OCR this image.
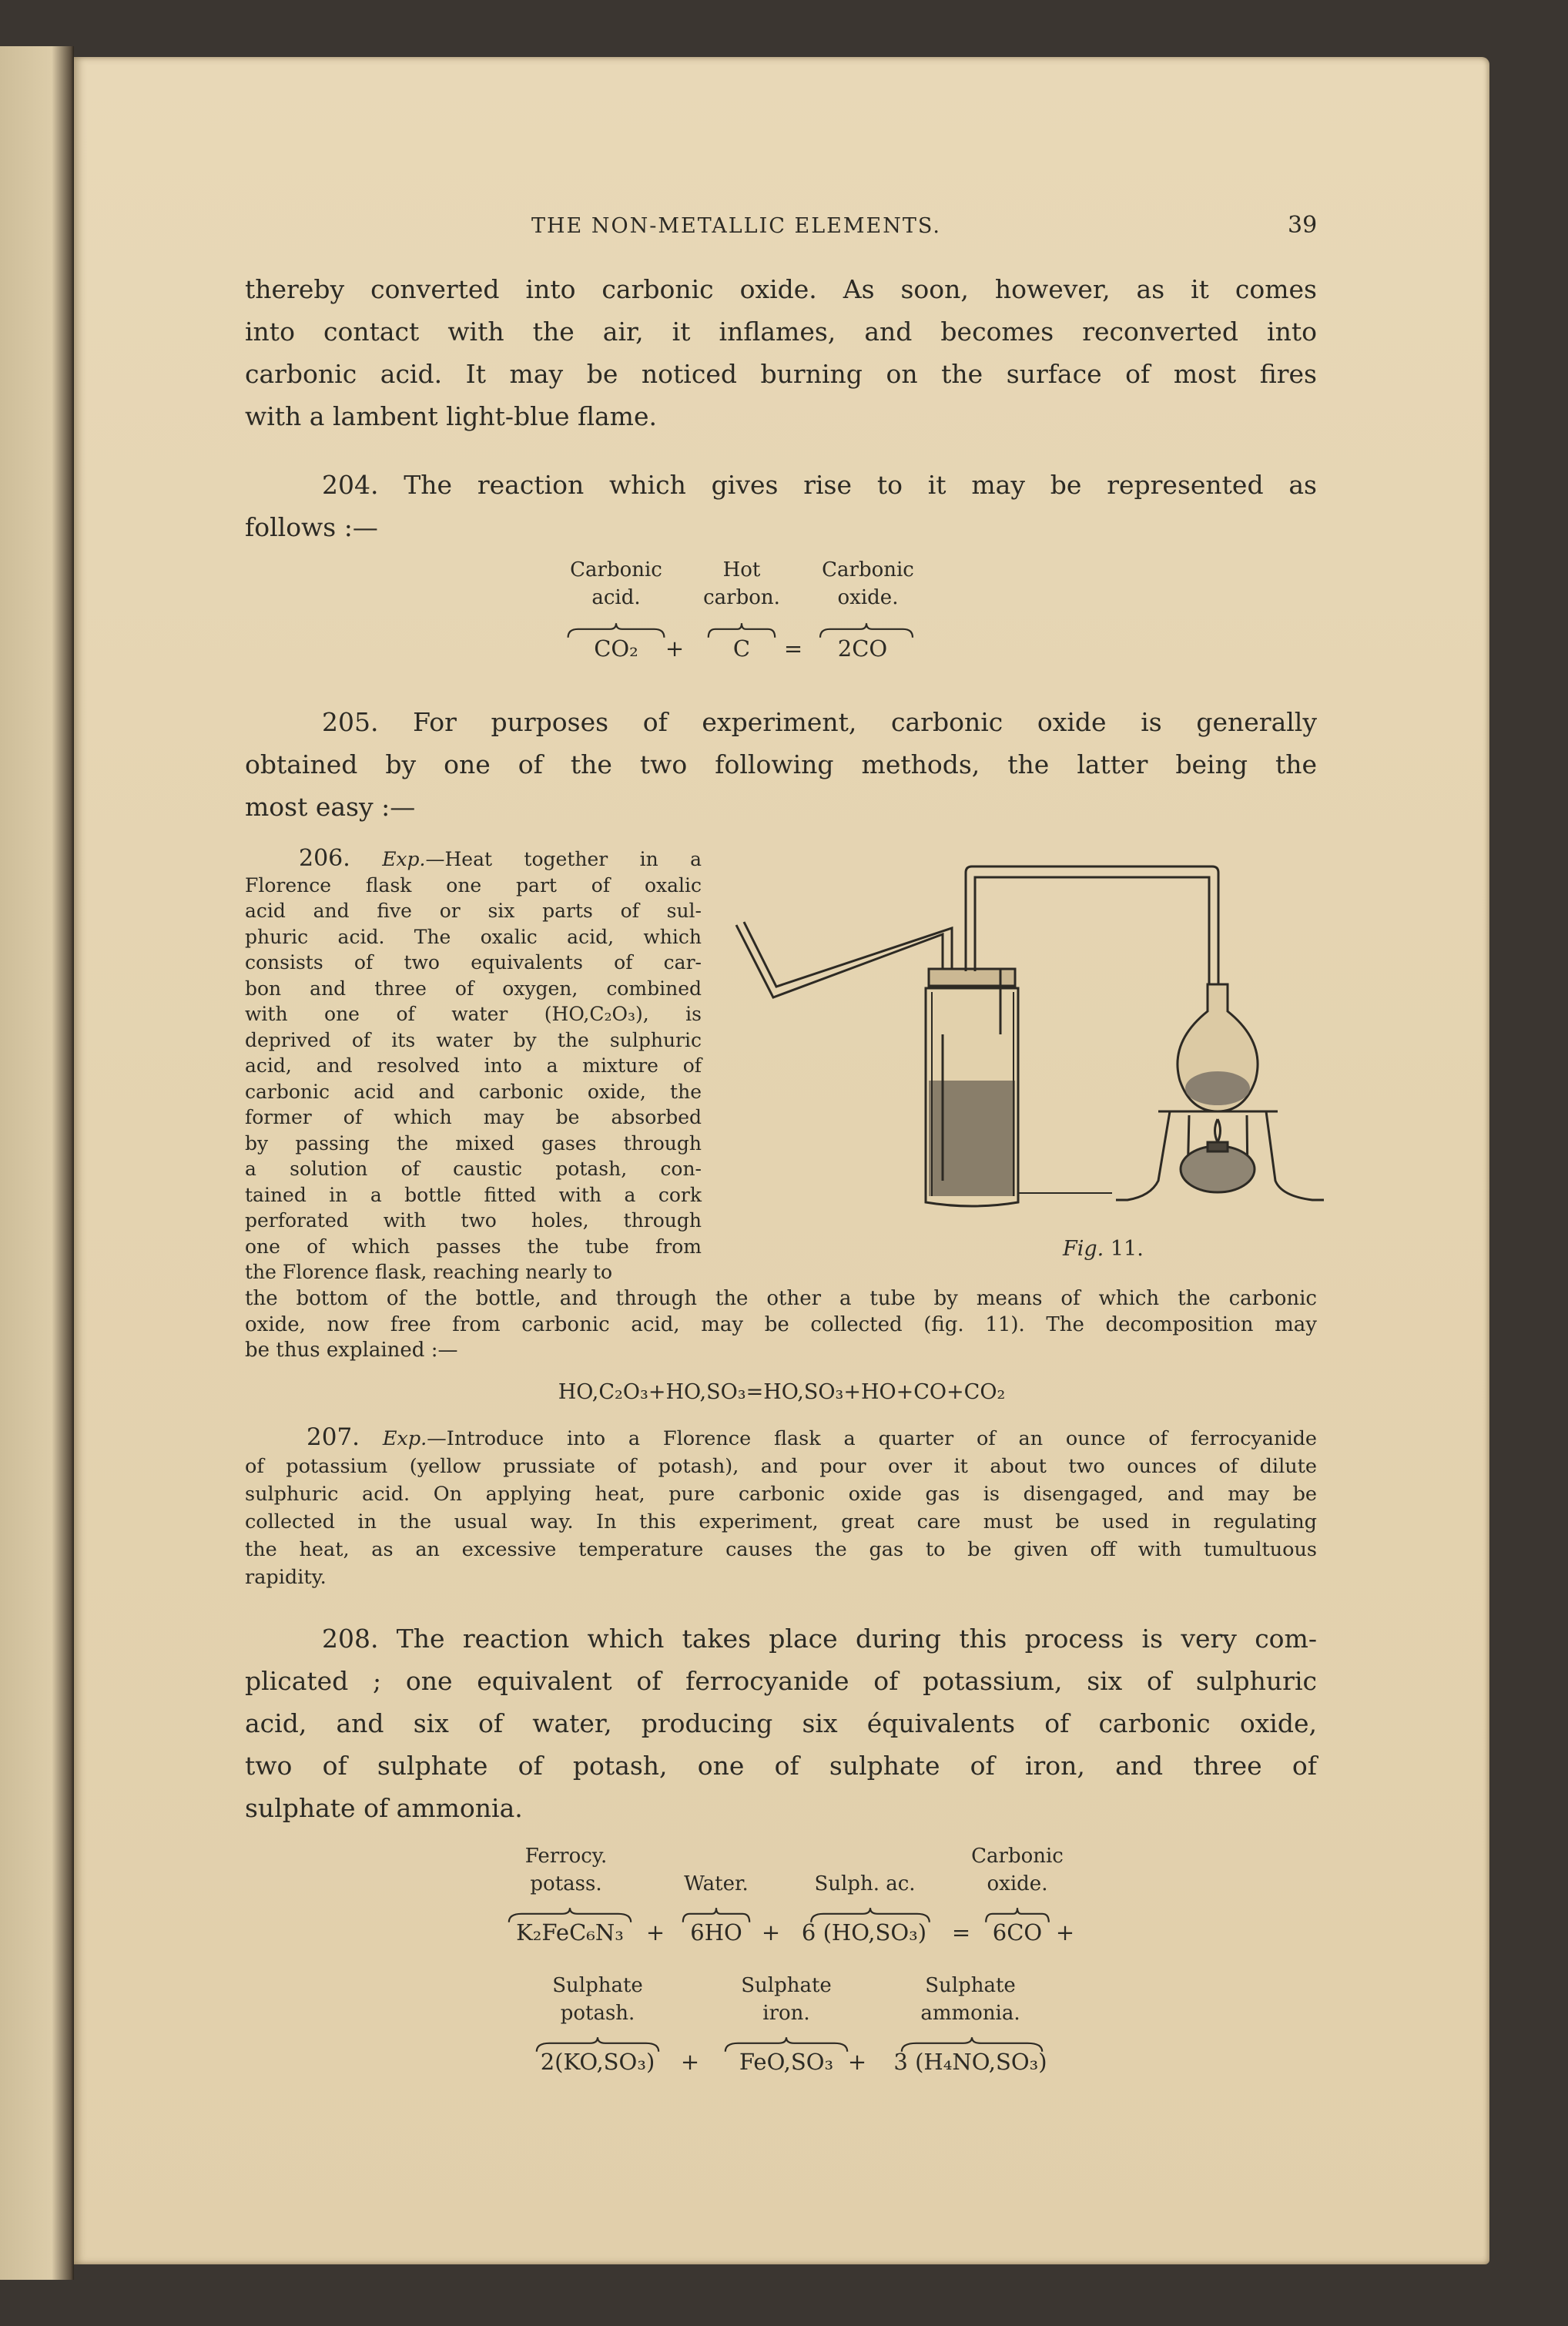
THE NON-METALLIC ELEMENTS.	39
thereby converted into carbonic oxide. As soon, however, as it comes
into contact with the air, it inflames, and becomes reconverted into
carbonic acid. It may be noticed burning on the surface of most fires
with a lambent light-blue flame.
204. The reaction which gives rise to it may be represented as
follows :—
Carbonic
acid.
Hot
carbon.
Carbonic
oxide.
CO₂ + C = 2CO
205. For purposes of experiment, carbonic oxide is generally
obtained by one of the two following methods, the latter being the
most easy :—
206. Exp.—Heat together in a
Florence flask one part of oxalic
acid and five or six parts of sul-
phuric acid. The oxalic acid, which
consists of two equivalents of car-
bon and three of oxygen, combined
with one of water (HO,C₂O₃), is
deprived of its water by the sulphuric
acid, and resolved into a mixture of
carbonic acid and carbonic oxide, the
former of which may be absorbed
by passing the mixed gases through
a solution of caustic potash, con-
tained in a bottle fitted with a cork
perforated with two holes, through
one of which passes the tube from
the Florence flask, reaching nearly to
the bottom of the bottle, and through the other a tube by means of which the carbonic
oxide, now free from carbonic acid, may be collected (fig. 11). The decomposition may
be thus explained :—
Fig. 11.
HO,C₂O₃+HO,SO₃=HO,SO₃+HO+CO+CO₂
207. Exp.—Introduce into a Florence flask a quarter of an ounce of ferrocyanide
of potassium (yellow prussiate of potash), and pour over it about two ounces of dilute
sulphuric acid. On applying heat, pure carbonic oxide gas is disengaged, and may be
collected in the usual way. In this experiment, great care must be used in regulating
the heat, as an excessive temperature causes the gas to be given off with tumultuous
rapidity.
208. The reaction which takes place during this process is very com-
plicated ; one equivalent of ferrocyanide of potassium, six of sulphuric
acid, and six of water, producing six équivalents of carbonic oxide,
two of sulphate of potash, one of sulphate of iron, and three of
sulphate of ammonia.
Ferrocy.
potass.	Water.	Sulph. ac.
Carbonic
oxide.
K₂FeC₆N₃ + 6HO + 6 (HO,SO₃) = 6CO +
Sulphate
potash.
Sulphate
iron.
Sulphate
ammonia.
2(KO,SO₃) + FeO,SO₃ + 3 (H₄NO,SO₃)
